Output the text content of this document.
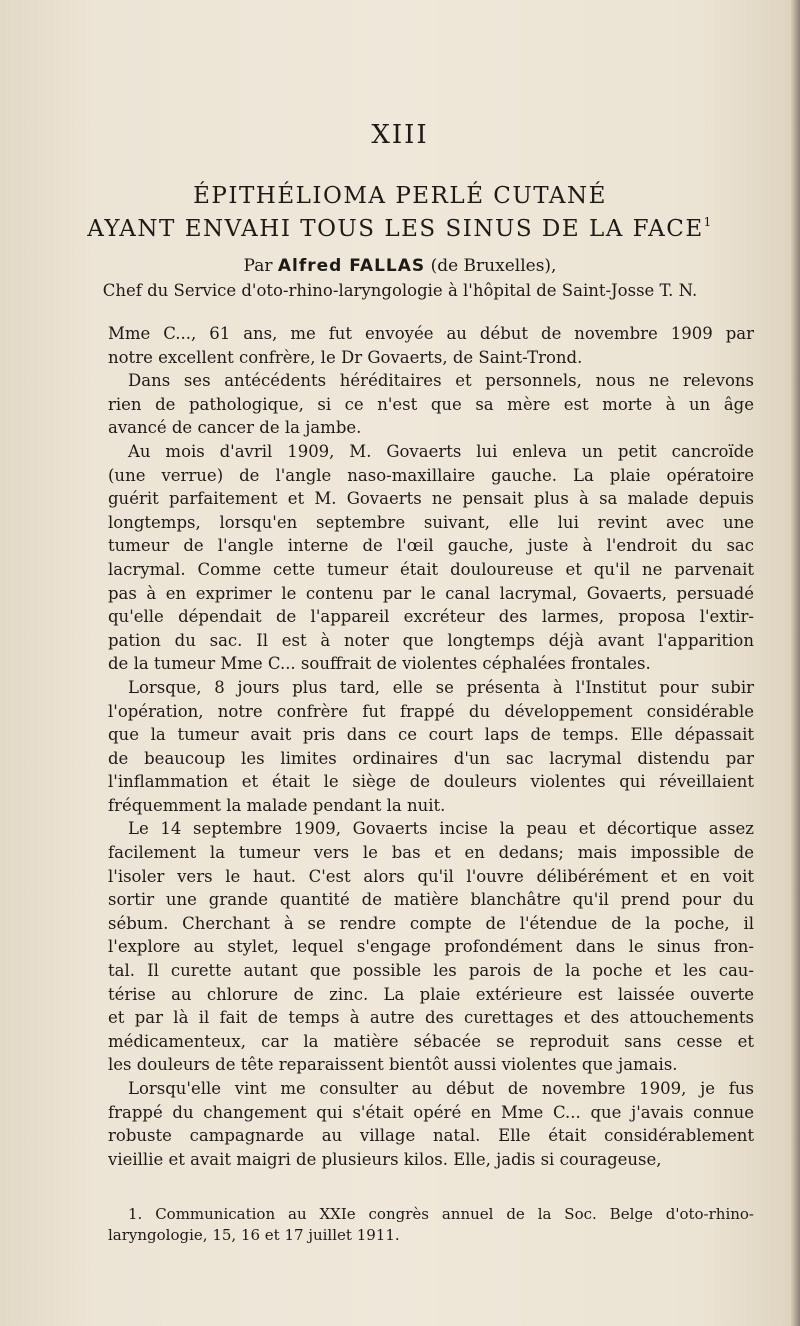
XIII
ÉPITHÉLIOMA PERLÉ CUTANÉ
AYANT ENVAHI TOUS LES SINUS DE LA FACE$^1$
Par Alfred FALLAS (de Bruxelles),
Chef du Service d'oto-rhino-laryngologie à l'hôpital de Saint-Josse T. N.
Mme C..., 61 ans, me fut envoyée au début de novembre 1909 par
notre excellent confrère, le Dr Govaerts, de Saint-Trond.
Dans ses antécédents héréditaires et personnels, nous ne relevons
rien de pathologique, si ce n'est que sa mère est morte à un âge
avancé de cancer de la jambe.
Au mois d'avril 1909, M. Govaerts lui enleva un petit cancroïde
(une verrue) de l'angle naso-maxillaire gauche. La plaie opératoire
guérit parfaitement et M. Govaerts ne pensait plus à sa malade depuis
longtemps, lorsqu'en septembre suivant, elle lui revint avec une
tumeur de l'angle interne de l'œil gauche, juste à l'endroit du sac
lacrymal. Comme cette tumeur était douloureuse et qu'il ne parvenait
pas à en exprimer le contenu par le canal lacrymal, Govaerts, persuadé
qu'elle dépendait de l'appareil excréteur des larmes, proposa l'extir-
pation du sac. Il est à noter que longtemps déjà avant l'apparition
de la tumeur Mme C... souffrait de violentes céphalées frontales.
Lorsque, 8 jours plus tard, elle se présenta à l'Institut pour subir
l'opération, notre confrère fut frappé du développement considérable
que la tumeur avait pris dans ce court laps de temps. Elle dépassait
de beaucoup les limites ordinaires d'un sac lacrymal distendu par
l'inflammation et était le siège de douleurs violentes qui réveillaient
fréquemment la malade pendant la nuit.
Le 14 septembre 1909, Govaerts incise la peau et décortique assez
facilement la tumeur vers le bas et en dedans; mais impossible de
l'isoler vers le haut. C'est alors qu'il l'ouvre délibérément et en voit
sortir une grande quantité de matière blanchâtre qu'il prend pour du
sébum. Cherchant à se rendre compte de l'étendue de la poche, il
l'explore au stylet, lequel s'engage profondément dans le sinus fron-
tal. Il curette autant que possible les parois de la poche et les cau-
térise au chlorure de zinc. La plaie extérieure est laissée ouverte
et par là il fait de temps à autre des curettages et des attouchements
médicamenteux, car la matière sébacée se reproduit sans cesse et
les douleurs de tête reparaissent bientôt aussi violentes que jamais.
Lorsqu'elle vint me consulter au début de novembre 1909, je fus
frappé du changement qui s'était opéré en Mme C... que j'avais connue
robuste campagnarde au village natal. Elle était considérablement
vieillie et avait maigri de plusieurs kilos. Elle, jadis si courageuse,
1. Communication au XXIe congrès annuel de la Soc. Belge d'oto-rhino-
laryngologie, 15, 16 et 17 juillet 1911.
